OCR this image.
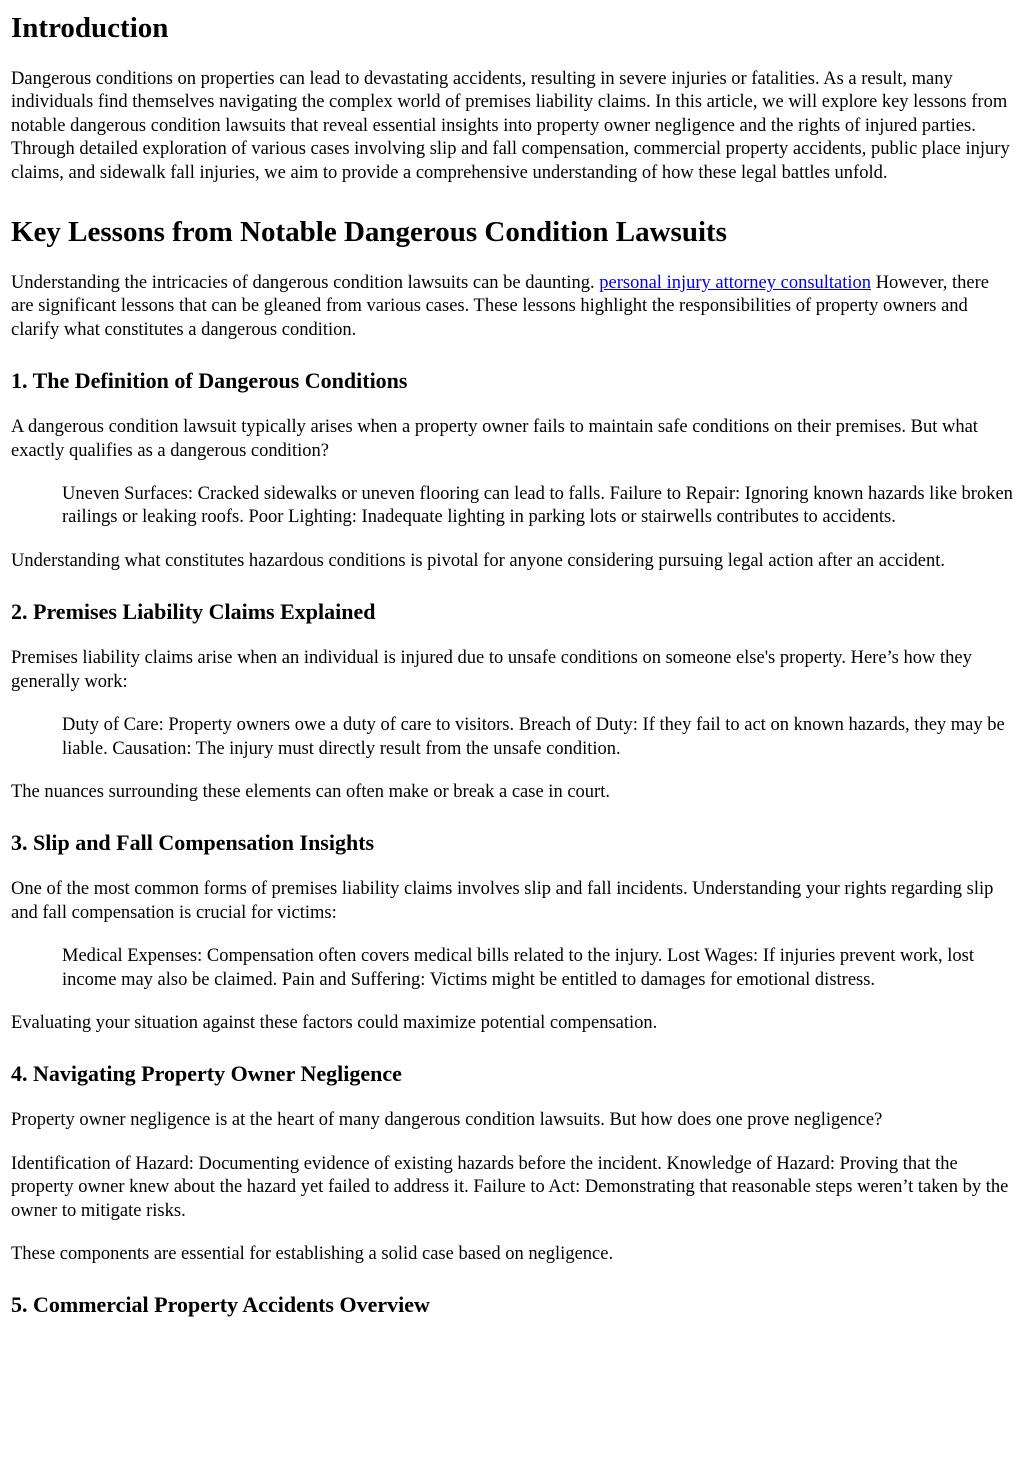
Introduction

Dangerous conditions on properties can lead to devastating accidents, resulting in severe injuries or fatalities. As a result, many individuals find themselves navigating the complex world of premises liability claims. In this article, we will explore key lessons from notable dangerous condition lawsuits that reveal essential insights into property owner negligence and the rights of injured parties. Through detailed exploration of various cases involving slip and fall compensation, commercial property accidents, public place injury claims, and sidewalk fall injuries, we aim to provide a comprehensive understanding of how these legal battles unfold.

Key Lessons from Notable Dangerous Condition Lawsuits

Understanding the intricacies of dangerous condition lawsuits can be daunting. personal injury attorney consultation However, there are significant lessons that can be gleaned from various cases. These lessons highlight the responsibilities of property owners and clarify what constitutes a dangerous condition.

1. The Definition of Dangerous Conditions

A dangerous condition lawsuit typically arises when a property owner fails to maintain safe conditions on their premises. But what exactly qualifies as a dangerous condition?

Uneven Surfaces: Cracked sidewalks or uneven flooring can lead to falls. Failure to Repair: Ignoring known hazards like broken railings or leaking roofs. Poor Lighting: Inadequate lighting in parking lots or stairwells contributes to accidents.

Understanding what constitutes hazardous conditions is pivotal for anyone considering pursuing legal action after an accident.

2. Premises Liability Claims Explained

Premises liability claims arise when an individual is injured due to unsafe conditions on someone else's property. Here’s how they generally work:

Duty of Care: Property owners owe a duty of care to visitors. Breach of Duty: If they fail to act on known hazards, they may be liable. Causation: The injury must directly result from the unsafe condition.

The nuances surrounding these elements can often make or break a case in court.

3. Slip and Fall Compensation Insights

One of the most common forms of premises liability claims involves slip and fall incidents. Understanding your rights regarding slip and fall compensation is crucial for victims:

Medical Expenses: Compensation often covers medical bills related to the injury. Lost Wages: If injuries prevent work, lost income may also be claimed. Pain and Suffering: Victims might be entitled to damages for emotional distress.

Evaluating your situation against these factors could maximize potential compensation.

4. Navigating Property Owner Negligence

Property owner negligence is at the heart of many dangerous condition lawsuits. But how does one prove negligence?

Identification of Hazard: Documenting evidence of existing hazards before the incident. Knowledge of Hazard: Proving that the property owner knew about the hazard yet failed to address it. Failure to Act: Demonstrating that reasonable steps weren’t taken by the owner to mitigate risks.

These components are essential for establishing a solid case based on negligence.

5. Commercial Property Accidents Overview
